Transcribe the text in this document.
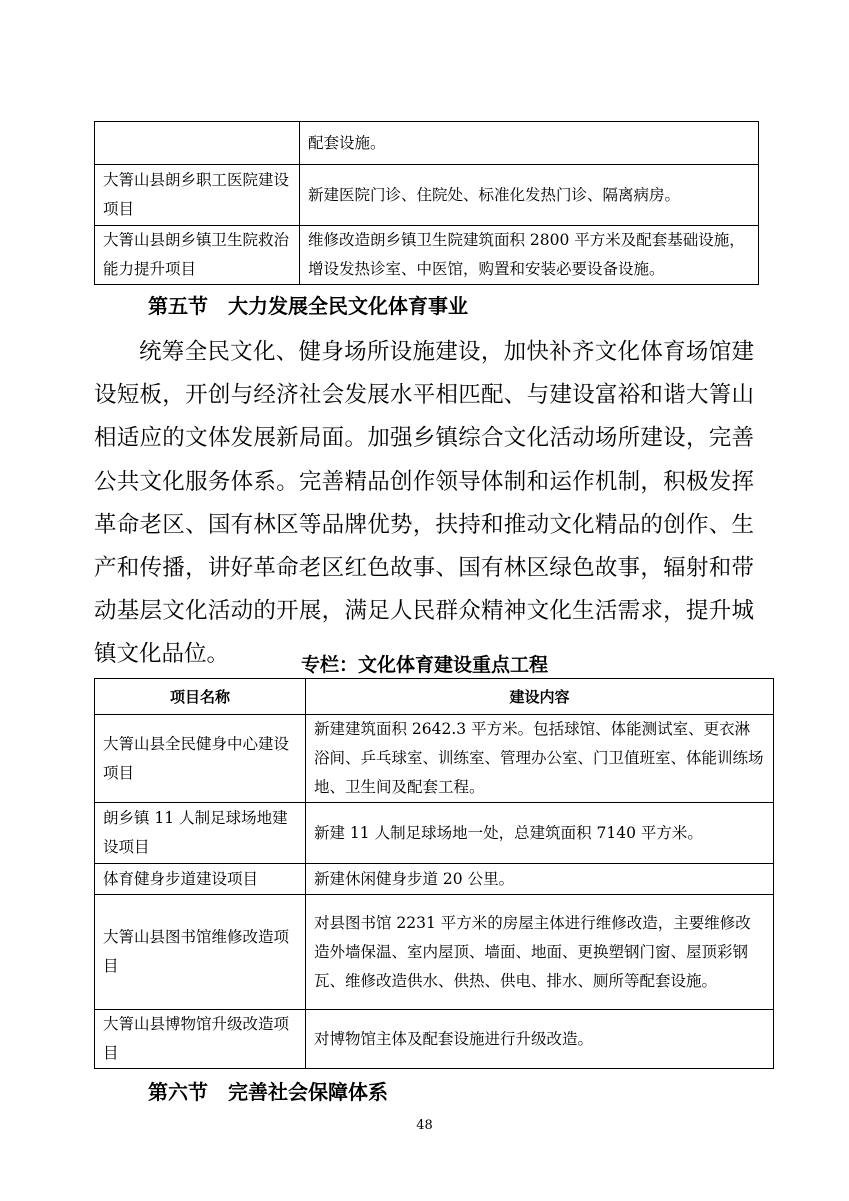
	配套设施。
大箐山县朗乡职工医院建设项目	新建医院门诊、住院处、标准化发热门诊、隔离病房。
大箐山县朗乡镇卫生院救治能力提升项目	维修改造朗乡镇卫生院建筑面积 2800 平方米及配套基础设施，增设发热诊室、中医馆，购置和安装必要设备设施。
第五节　大力发展全民文化体育事业

统筹全民文化、健身场所设施建设，加快补齐文化体育场馆建设短板，开创与经济社会发展水平相匹配、与建设富裕和谐大箐山相适应的文体发展新局面。加强乡镇综合文化活动场所建设，完善公共文化服务体系。完善精品创作领导体制和运作机制，积极发挥革命老区、国有林区等品牌优势，扶持和推动文化精品的创作、生产和传播，讲好革命老区红色故事、国有林区绿色故事，辐射和带动基层文化活动的开展，满足人民群众精神文化生活需求，提升城镇文化品位。	专栏：文化体育建设重点工程
项目名称	建设内容
大箐山县全民健身中心建设项目	新建建筑面积 2642.3 平方米。包括球馆、体能测试室、更衣淋浴间、乒乓球室、训练室、管理办公室、门卫值班室、体能训练场地、卫生间及配套工程。
朗乡镇 11 人制足球场地建设项目	新建 11 人制足球场地一处，总建筑面积 7140 平方米。
体育健身步道建设项目	新建休闲健身步道 20 公里。
大箐山县图书馆维修改造项目	对县图书馆 2231 平方米的房屋主体进行维修改造，主要维修改造外墙保温、室内屋顶、墙面、地面、更换塑钢门窗、屋顶彩钢瓦、维修改造供水、供热、供电、排水、厕所等配套设施。
大箐山县博物馆升级改造项目	对博物馆主体及配套设施进行升级改造。
第六节　完善社会保障体系
48
